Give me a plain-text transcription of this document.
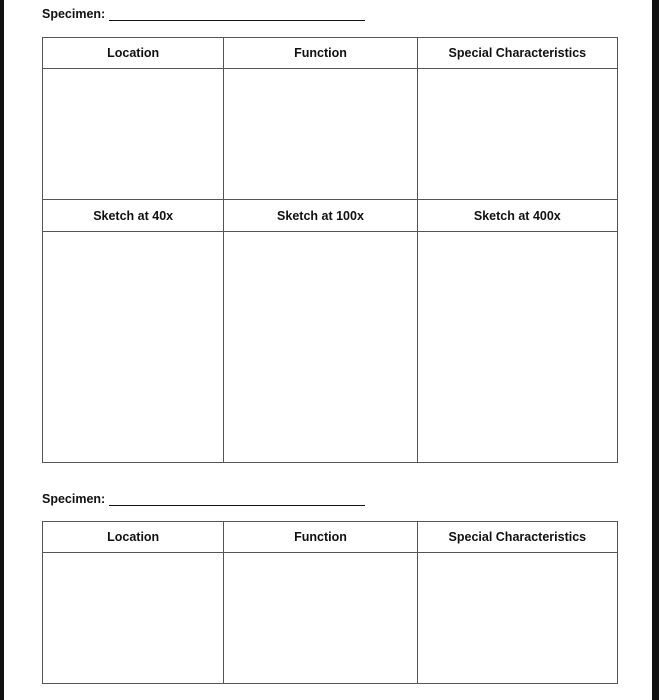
Specimen:
Location	Function	Special Characteristics

Sketch at 40x	Sketch at 100x	Sketch at 400x

Specimen:
Location	Function	Special Characteristics
